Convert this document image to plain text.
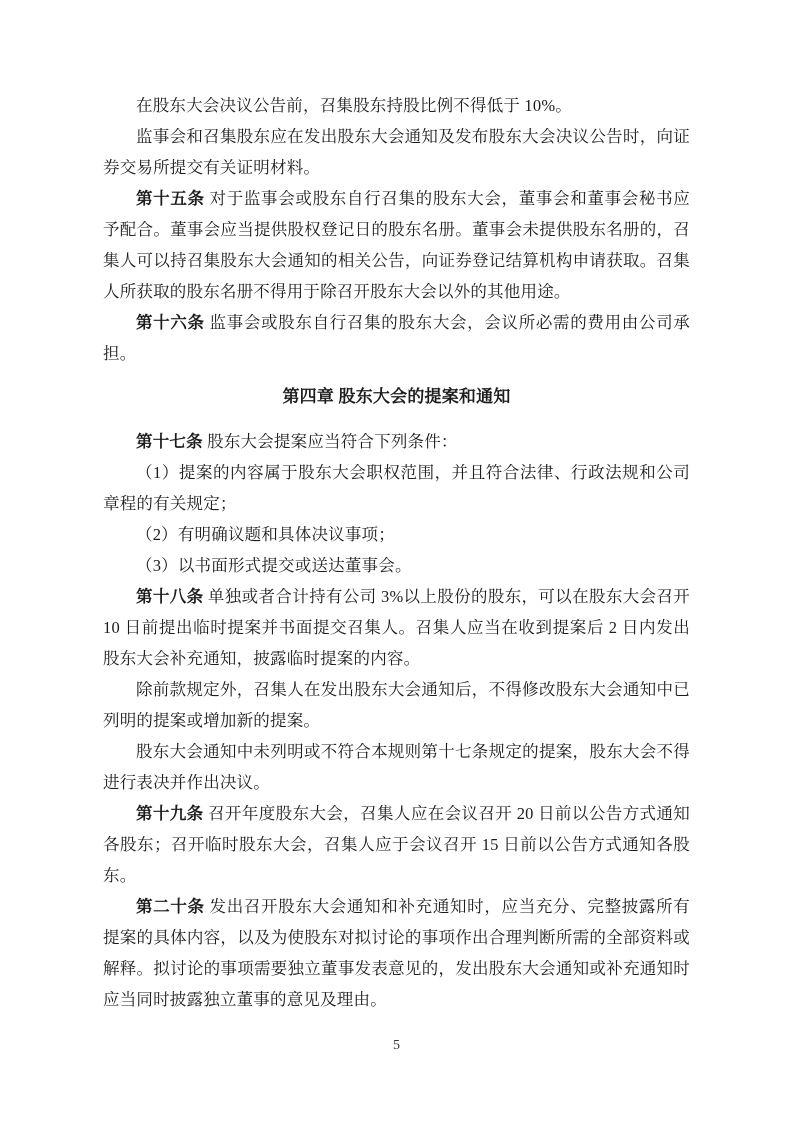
在股东大会决议公告前，召集股东持股比例不得低于 10%。

监事会和召集股东应在发出股东大会通知及发布股东大会决议公告时，向证券交易所提交有关证明材料。

第十五条 对于监事会或股东自行召集的股东大会，董事会和董事会秘书应予配合。董事会应当提供股权登记日的股东名册。董事会未提供股东名册的，召集人可以持召集股东大会通知的相关公告，向证券登记结算机构申请获取。召集人所获取的股东名册不得用于除召开股东大会以外的其他用途。

第十六条 监事会或股东自行召集的股东大会，会议所必需的费用由公司承担。

第四章 股东大会的提案和通知

第十七条 股东大会提案应当符合下列条件：

（1）提案的内容属于股东大会职权范围，并且符合法律、行政法规和公司章程的有关规定；

（2）有明确议题和具体决议事项；

（3）以书面形式提交或送达董事会。

第十八条 单独或者合计持有公司 3%以上股份的股东，可以在股东大会召开 10 日前提出临时提案并书面提交召集人。召集人应当在收到提案后 2 日内发出股东大会补充通知，披露临时提案的内容。

除前款规定外，召集人在发出股东大会通知后，不得修改股东大会通知中已列明的提案或增加新的提案。

股东大会通知中未列明或不符合本规则第十七条规定的提案，股东大会不得进行表决并作出决议。

第十九条 召开年度股东大会，召集人应在会议召开 20 日前以公告方式通知各股东；召开临时股东大会，召集人应于会议召开 15 日前以公告方式通知各股东。

第二十条 发出召开股东大会通知和补充通知时，应当充分、完整披露所有提案的具体内容，以及为使股东对拟讨论的事项作出合理判断所需的全部资料或解释。拟讨论的事项需要独立董事发表意见的，发出股东大会通知或补充通知时应当同时披露独立董事的意见及理由。

5
